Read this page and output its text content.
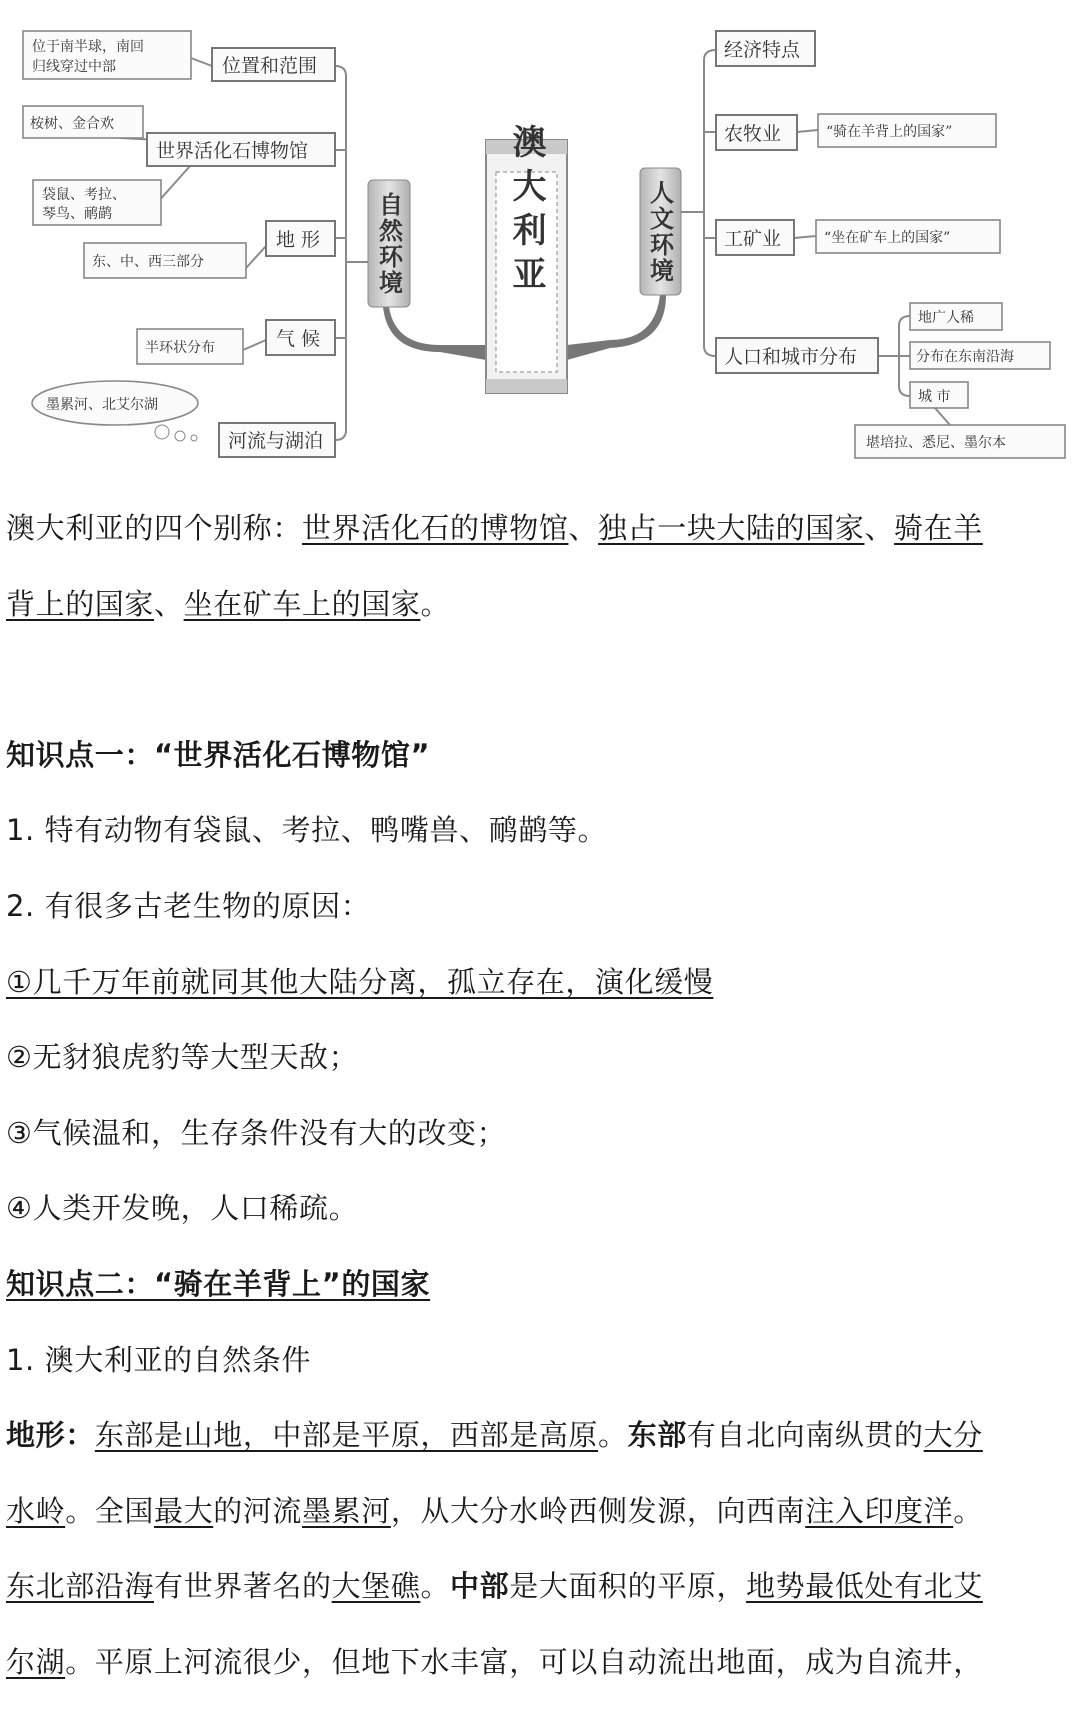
澳大利亚
自然环境
位于南半球，南回
归线穿过中部	位置和范围
桉树、金合欢
世界活化石博物馆
袋鼠、考拉、
琴鸟、鸸鹋
地 形
东、中、西三部分
气 候
半环状分布
墨累河、北艾尔湖
河流与湖泊
人文环境
经济特点
农牧业	“骑在羊背上的国家”
工矿业	“坐在矿车上的国家”
人口和城市分布
地广人稀
分布在东南沿海
城 市
堪培拉、悉尼、墨尔本
澳大利亚的四个别称：世界活化石的博物馆、独占一块大陆的国家、骑在羊
背上的国家、坐在矿车上的国家。
知识点一：“世界活化石博物馆”
1. 特有动物有袋鼠、考拉、鸭嘴兽、鸸鹋等。
2. 有很多古老生物的原因：
①几千万年前就同其他大陆分离，孤立存在，演化缓慢
②无豺狼虎豹等大型天敌；
③气候温和，生存条件没有大的改变；
④人类开发晚，人口稀疏。
知识点二：“骑在羊背上”的国家
1. 澳大利亚的自然条件
地形：东部是山地，中部是平原，西部是高原。东部有自北向南纵贯的大分
水岭。全国最大的河流墨累河，从大分水岭西侧发源，向西南注入印度洋。
东北部沿海有世界著名的大堡礁。中部是大面积的平原，地势最低处有北艾
尔湖。平原上河流很少，但地下水丰富，可以自动流出地面，成为自流井，
